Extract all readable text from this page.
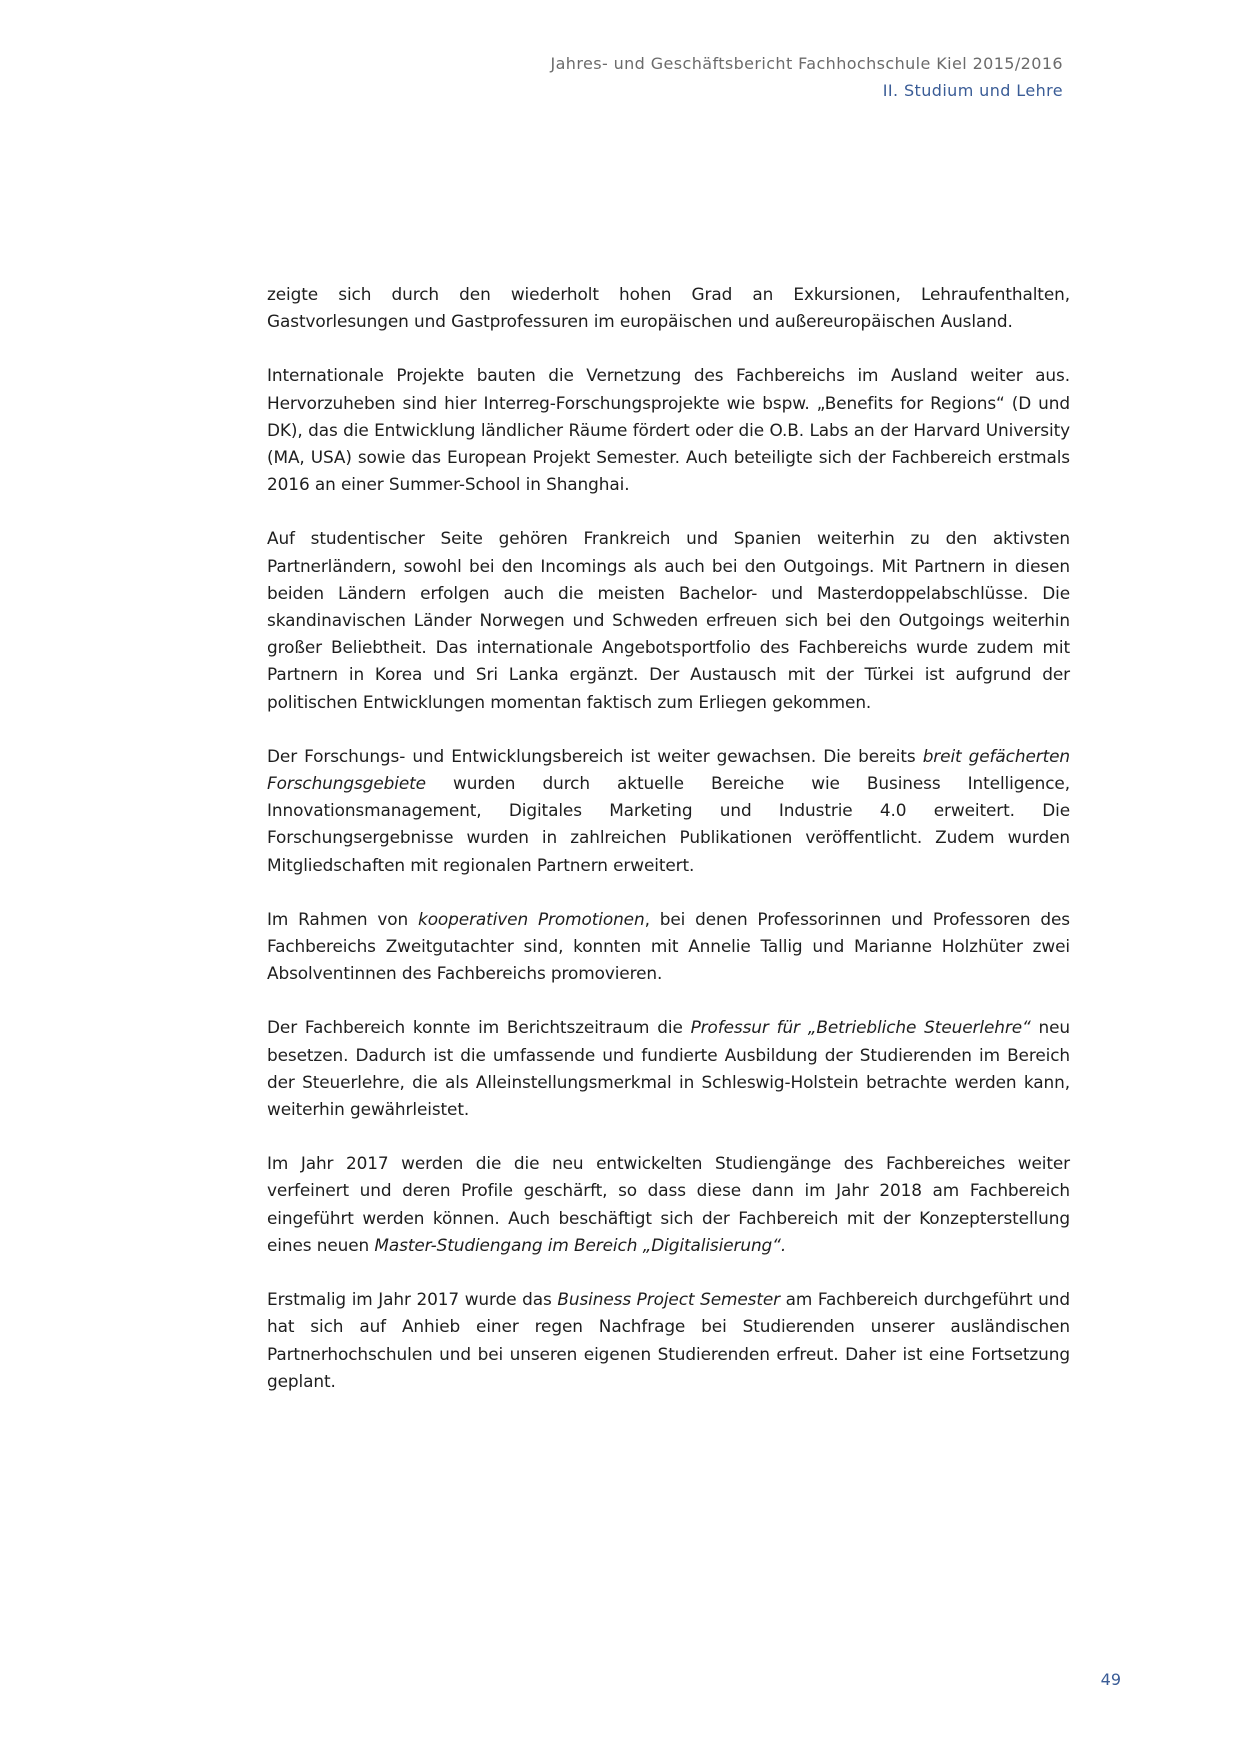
Jahres- und Geschäftsbericht Fachhochschule Kiel 2015/2016
II. Studium und Lehre

zeigte sich durch den wiederholt hohen Grad an Exkursionen, Lehraufenthalten, Gastvorlesungen und Gastprofessuren im europäischen und außereuropäischen Ausland.

Internationale Projekte bauten die Vernetzung des Fachbereichs im Ausland weiter aus. Hervorzuheben sind hier Interreg-Forschungsprojekte wie bspw. „Benefits for Regions“ (D und DK), das die Entwicklung ländlicher Räume fördert oder die O.B. Labs an der Harvard University (MA, USA) sowie das European Projekt Semester. Auch beteiligte sich der Fachbereich erstmals 2016 an einer Summer-School in Shanghai.

Auf studentischer Seite gehören Frankreich und Spanien weiterhin zu den aktivsten Partnerländern, sowohl bei den Incomings als auch bei den Outgoings. Mit Partnern in diesen beiden Ländern erfolgen auch die meisten Bachelor- und Masterdoppelabschlüsse. Die skandinavischen Länder Norwegen und Schweden erfreuen sich bei den Outgoings weiterhin großer Beliebtheit. Das internationale Angebotsportfolio des Fachbereichs wurde zudem mit Partnern in Korea und Sri Lanka ergänzt. Der Austausch mit der Türkei ist aufgrund der politischen Entwicklungen momentan faktisch zum Erliegen gekommen.

Der Forschungs- und Entwicklungsbereich ist weiter gewachsen. Die bereits breit gefächerten Forschungsgebiete wurden durch aktuelle Bereiche wie Business Intelligence, Innovationsmanagement, Digitales Marketing und Industrie 4.0 erweitert. Die Forschungsergebnisse wurden in zahlreichen Publikationen veröffentlicht. Zudem wurden Mitgliedschaften mit regionalen Partnern erweitert.

Im Rahmen von kooperativen Promotionen, bei denen Professorinnen und Professoren des Fachbereichs Zweitgutachter sind, konnten mit Annelie Tallig und Marianne Holzhüter zwei Absolventinnen des Fachbereichs promovieren.

Der Fachbereich konnte im Berichtszeitraum die Professur für „Betriebliche Steuerlehre“ neu besetzen. Dadurch ist die umfassende und fundierte Ausbildung der Studierenden im Bereich der Steuerlehre, die als Alleinstellungsmerkmal in Schleswig-Holstein betrachte werden kann, weiterhin gewährleistet.

Im Jahr 2017 werden die die neu entwickelten Studiengänge des Fachbereiches weiter verfeinert und deren Profile geschärft, so dass diese dann im Jahr 2018 am Fachbereich eingeführt werden können. Auch beschäftigt sich der Fachbereich mit der Konzepterstellung eines neuen Master-Studiengang im Bereich „Digitalisierung“.

Erstmalig im Jahr 2017 wurde das Business Project Semester am Fachbereich durchgeführt und hat sich auf Anhieb einer regen Nachfrage bei Studierenden unserer ausländischen Partnerhochschulen und bei unseren eigenen Studierenden erfreut. Daher ist eine Fortsetzung geplant.

49
